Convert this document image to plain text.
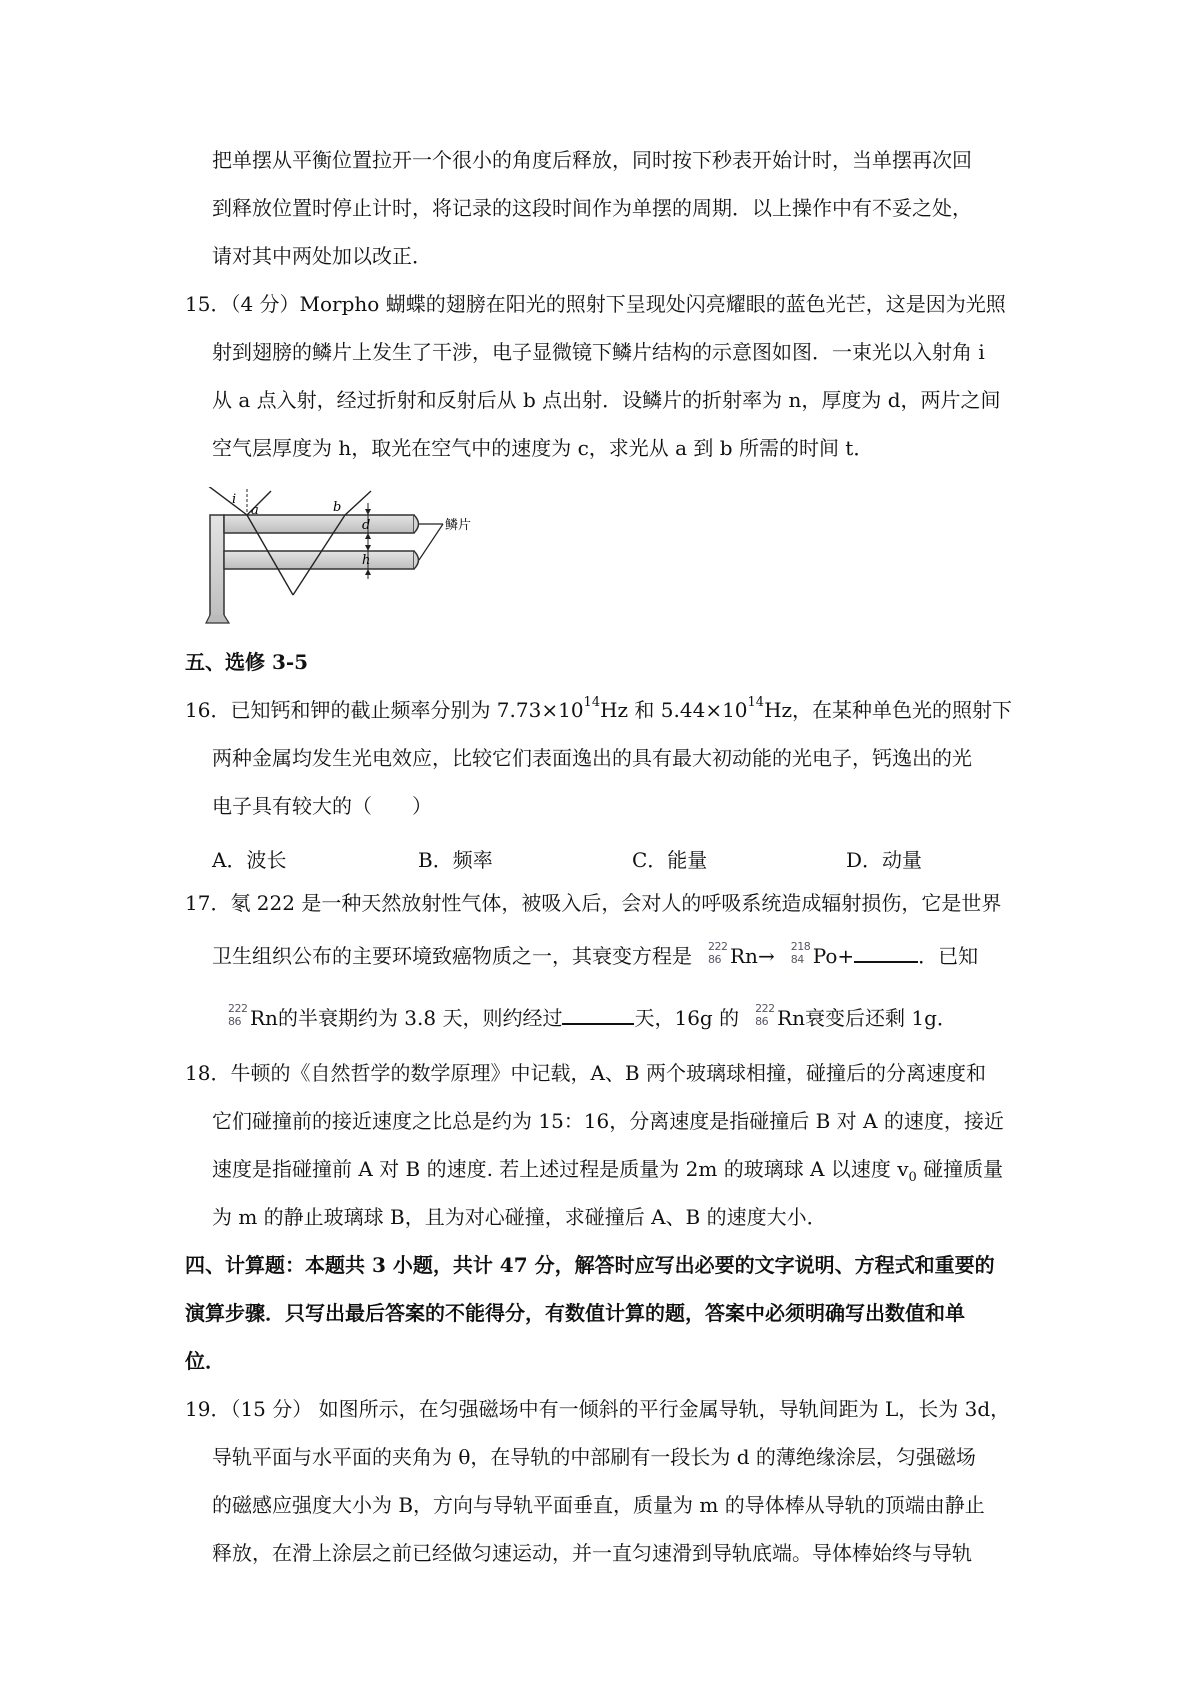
把单摆从平衡位置拉开一个很小的角度后释放，同时按下秒表开始计时，当单摆再次回
到释放位置时停止计时，将记录的这段时间作为单摆的周期．以上操作中有不妥之处，
请对其中两处加以改正．
15．（4 分）Morpho 蝴蝶的翅膀在阳光的照射下呈现处闪亮耀眼的蓝色光芒，这是因为光照
射到翅膀的鳞片上发生了干涉，电子显微镜下鳞片结构的示意图如图．一束光以入射角 i
从 a 点入射，经过折射和反射后从 b 点出射．设鳞片的折射率为 n，厚度为 d，两片之间
空气层厚度为 h，取光在空气中的速度为 c，求光从 a 到 b 所需的时间 t．
i
a	b
d
h
鳞片
五、选修 3-5
16．已知钙和钾的截止频率分别为 $7.73\times 10^{14}Hz$ 和 $5.44\times 10^{14}Hz$，在某种单色光的照射下
两种金属均发生光电效应，比较它们表面逸出的具有最大初动能的光电子，钙逸出的光
电子具有较大的（　　）
A．波长	B．频率	C．能量	D．动量
17．氡 222 是一种天然放射性气体，被吸入后，会对人的呼吸系统造成辐射损伤，它是世界
卫生组织公布的主要环境致癌物质之一，其衰变方程是 222
86 Rn→ 218
84 Po+	．已知
222
86 Rn的半衰期约为 3.8 天，则约经过	天，16g 的 222
86 Rn衰变后还剩 1g．
18．牛顿的《自然哲学的数学原理》中记载，A、B 两个玻璃球相撞，碰撞后的分离速度和
它们碰撞前的接近速度之比总是约为 15：16，分离速度是指碰撞后 B 对 A 的速度，接近
速度是指碰撞前 A 对 B 的速度. 若上述过程是质量为 2m 的玻璃球 A 以速度 $v_0$ 碰撞质量
为 m 的静止玻璃球 B，且为对心碰撞，求碰撞后 A、B 的速度大小．
四、计算题：本题共 3 小题，共计 47 分，解答时应写出必要的文字说明、方程式和重要的
演算步骤．只写出最后答案的不能得分，有数值计算的题，答案中必须明确写出数值和单
位．
19．（15 分） 如图所示，在匀强磁场中有一倾斜的平行金属导轨，导轨间距为 L，长为 3d，
导轨平面与水平面的夹角为 θ，在导轨的中部刷有一段长为 d 的薄绝缘涂层，匀强磁场
的磁感应强度大小为 B，方向与导轨平面垂直，质量为 m 的导体棒从导轨的顶端由静止
释放，在滑上涂层之前已经做匀速运动，并一直匀速滑到导轨底端。导体棒始终与导轨
